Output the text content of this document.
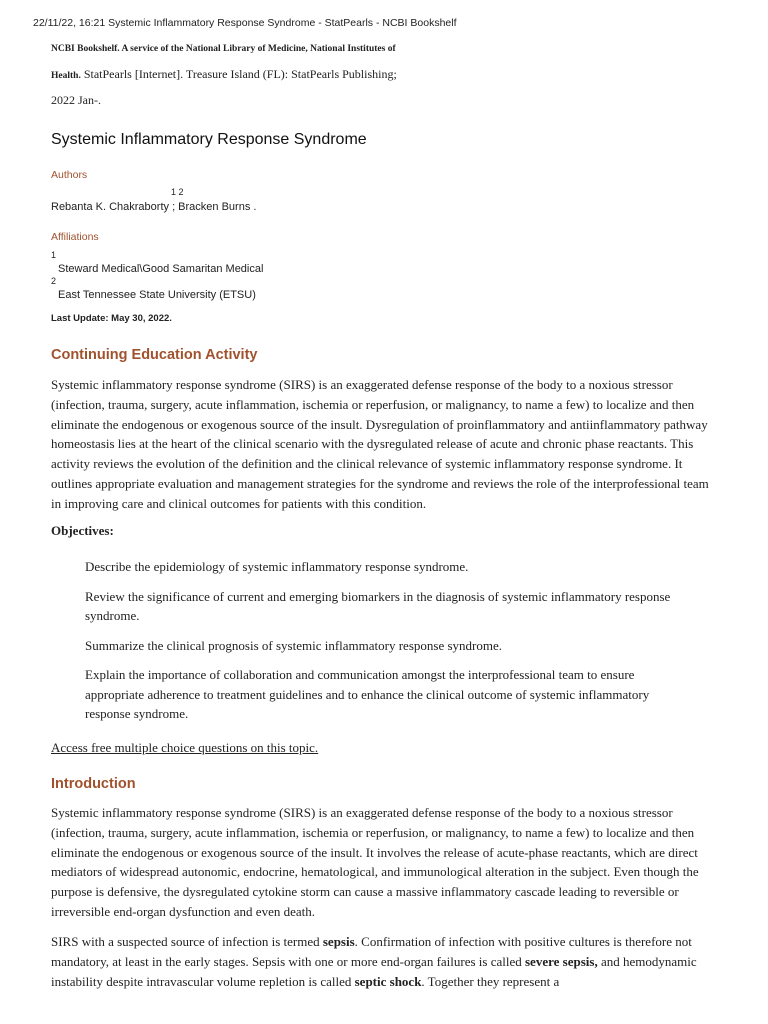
22/11/22, 16:21 Systemic Inflammatory Response Syndrome - StatPearls - NCBI Bookshelf
NCBI Bookshelf. A service of the National Library of Medicine, National Institutes of
Health. StatPearls [Internet]. Treasure Island (FL): StatPearls Publishing;
2022 Jan-.
Systemic Inflammatory Response Syndrome
Authors
1 2
Rebanta K. Chakraborty ; Bracken Burns .
Affiliations
1
Steward Medical\Good Samaritan Medical
2
East Tennessee State University (ETSU)
Last Update: May 30, 2022.
Continuing Education Activity

Systemic inflammatory response syndrome (SIRS) is an exaggerated defense response of the body to a noxious stressor (infection, trauma, surgery, acute inflammation, ischemia or reperfusion, or malignancy, to name a few) to localize and then eliminate the endogenous or exogenous source of the insult. Dysregulation of proinflammatory and antiinflammatory pathway homeostasis lies at the heart of the clinical scenario with the dysregulated release of acute and chronic phase reactants. This activity reviews the evolution of the definition and the clinical relevance of systemic inflammatory response syndrome. It outlines appropriate evaluation and management strategies for the syndrome and reviews the role of the interprofessional team in improving care and clinical outcomes for patients with this condition.

Objectives:
Describe the epidemiology of systemic inflammatory response syndrome.
Review the significance of current and emerging biomarkers in the diagnosis of systemic inflammatory response syndrome.
Summarize the clinical prognosis of systemic inflammatory response syndrome.
Explain the importance of collaboration and communication amongst the interprofessional team to ensure appropriate adherence to treatment guidelines and to enhance the clinical outcome of systemic inflammatory response syndrome.
Access free multiple choice questions on this topic.
Introduction

Systemic inflammatory response syndrome (SIRS) is an exaggerated defense response of the body to a noxious stressor (infection, trauma, surgery, acute inflammation, ischemia or reperfusion, or malignancy, to name a few) to localize and then eliminate the endogenous or exogenous source of the insult. It involves the release of acute-phase reactants, which are direct mediators of widespread autonomic, endocrine, hematological, and immunological alteration in the subject. Even though the purpose is defensive, the dysregulated cytokine storm can cause a massive inflammatory cascade leading to reversible or irreversible end-organ dysfunction and even death.

SIRS with a suspected source of infection is termed sepsis. Confirmation of infection with positive cultures is therefore not mandatory, at least in the early stages. Sepsis with one or more end-organ failures is called severe sepsis, and hemodynamic instability despite intravascular volume repletion is called septic shock. Together they represent a
